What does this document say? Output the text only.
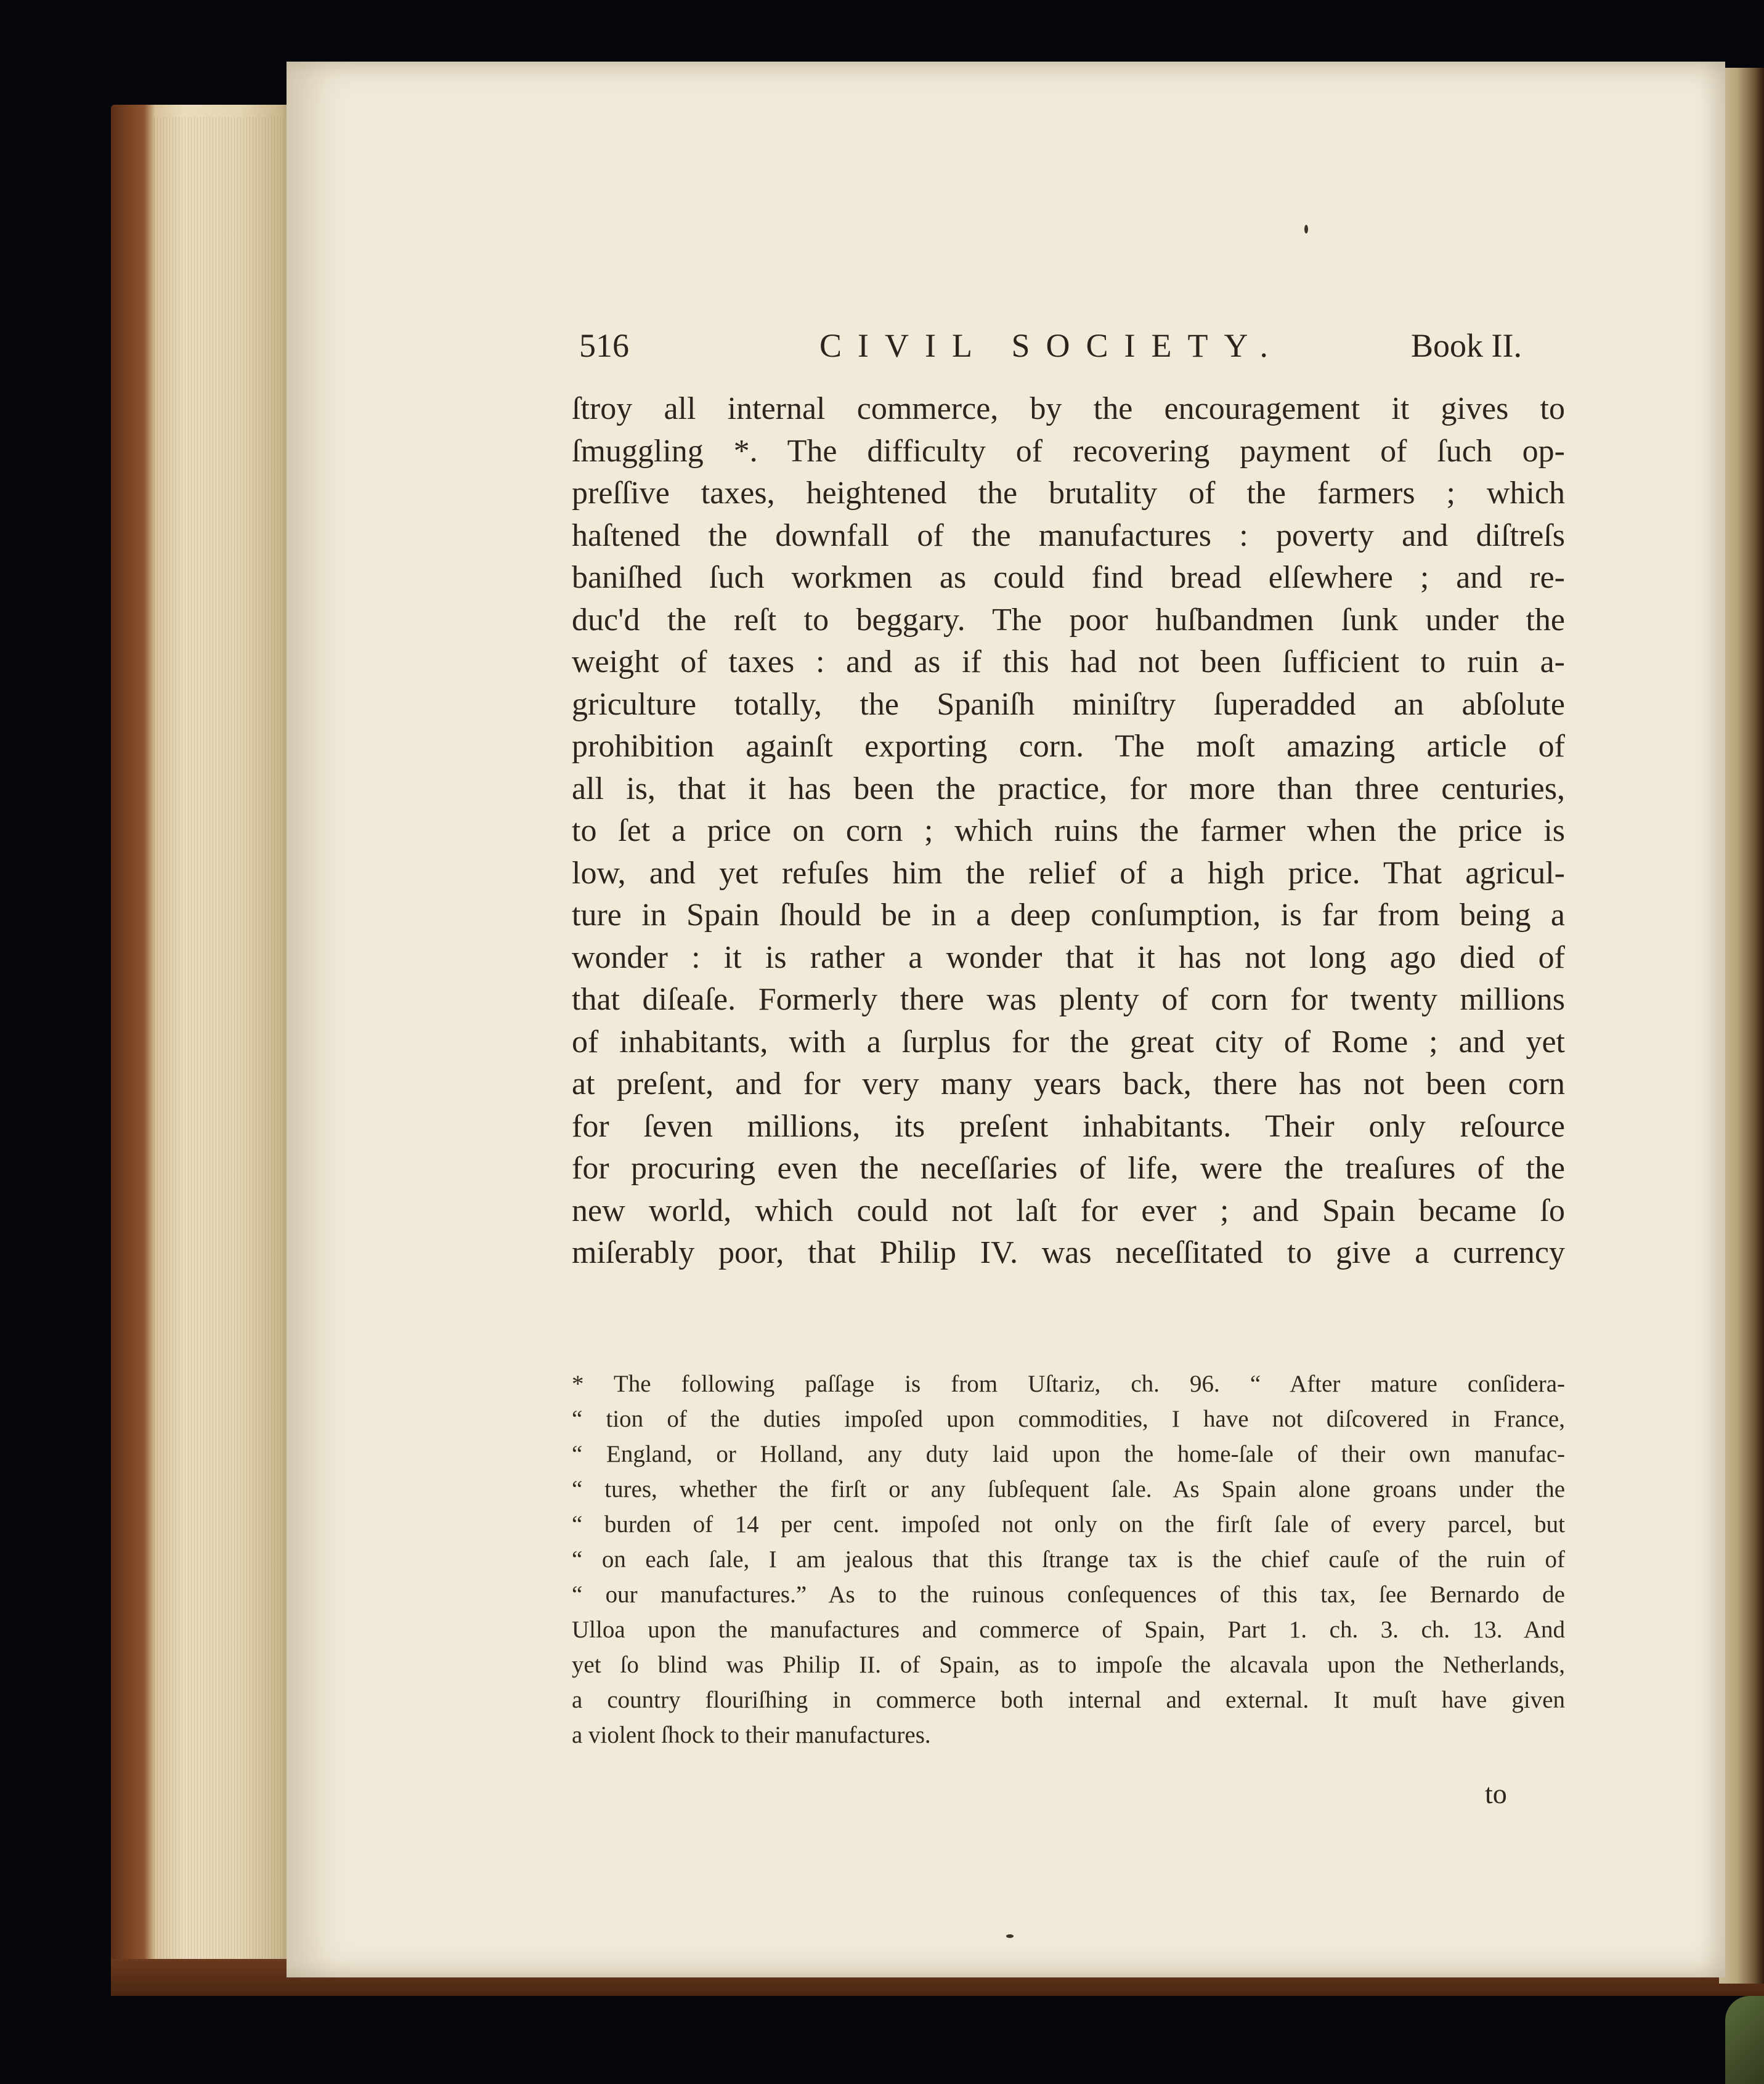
516	CIVIL SOCIETY.	Book II.
ſtroy all internal commerce, by the encouragement it gives to
ſmuggling *. The difficulty of recovering payment of ſuch op-
preſſive taxes, heightened the brutality of the farmers ; which
haſtened the downfall of the manufactures : poverty and diſtreſs
baniſhed ſuch workmen as could find bread elſewhere ; and re-
duc'd the reſt to beggary. The poor huſbandmen ſunk under the
weight of taxes : and as if this had not been ſufficient to ruin a-
griculture totally, the Spaniſh miniſtry ſuperadded an abſolute
prohibition againſt exporting corn. The moſt amazing article of
all is, that it has been the practice, for more than three centuries,
to ſet a price on corn ; which ruins the farmer when the price is
low, and yet refuſes him the relief of a high price. That agricul-
ture in Spain ſhould be in a deep conſumption, is far from being a
wonder : it is rather a wonder that it has not long ago died of
that diſeaſe. Formerly there was plenty of corn for twenty millions
of inhabitants, with a ſurplus for the great city of Rome ; and yet
at preſent, and for very many years back, there has not been corn
for ſeven millions, its preſent inhabitants. Their only reſource
for procuring even the neceſſaries of life, were the treaſures of the
new world, which could not laſt for ever ; and Spain became ſo
miſerably poor, that Philip IV. was neceſſitated to give a currency
* The following paſſage is from Uſtariz, ch. 96. “ After mature conſidera-
“ tion of the duties impoſed upon commodities, I have not diſcovered in France,
“ England, or Holland, any duty laid upon the home-ſale of their own manufac-
“ tures, whether the firſt or any ſubſequent ſale. As Spain alone groans under the
“ burden of 14 per cent. impoſed not only on the firſt ſale of every parcel, but
“ on each ſale, I am jealous that this ſtrange tax is the chief cauſe of the ruin of
“ our manufactures.” As to the ruinous conſequences of this tax, ſee Bernardo de
Ulloa upon the manufactures and commerce of Spain, Part 1. ch. 3. ch. 13. And
yet ſo blind was Philip II. of Spain, as to impoſe the alcavala upon the Netherlands,
a country flouriſhing in commerce both internal and external. It muſt have given
a violent ſhock to their manufactures.
to
